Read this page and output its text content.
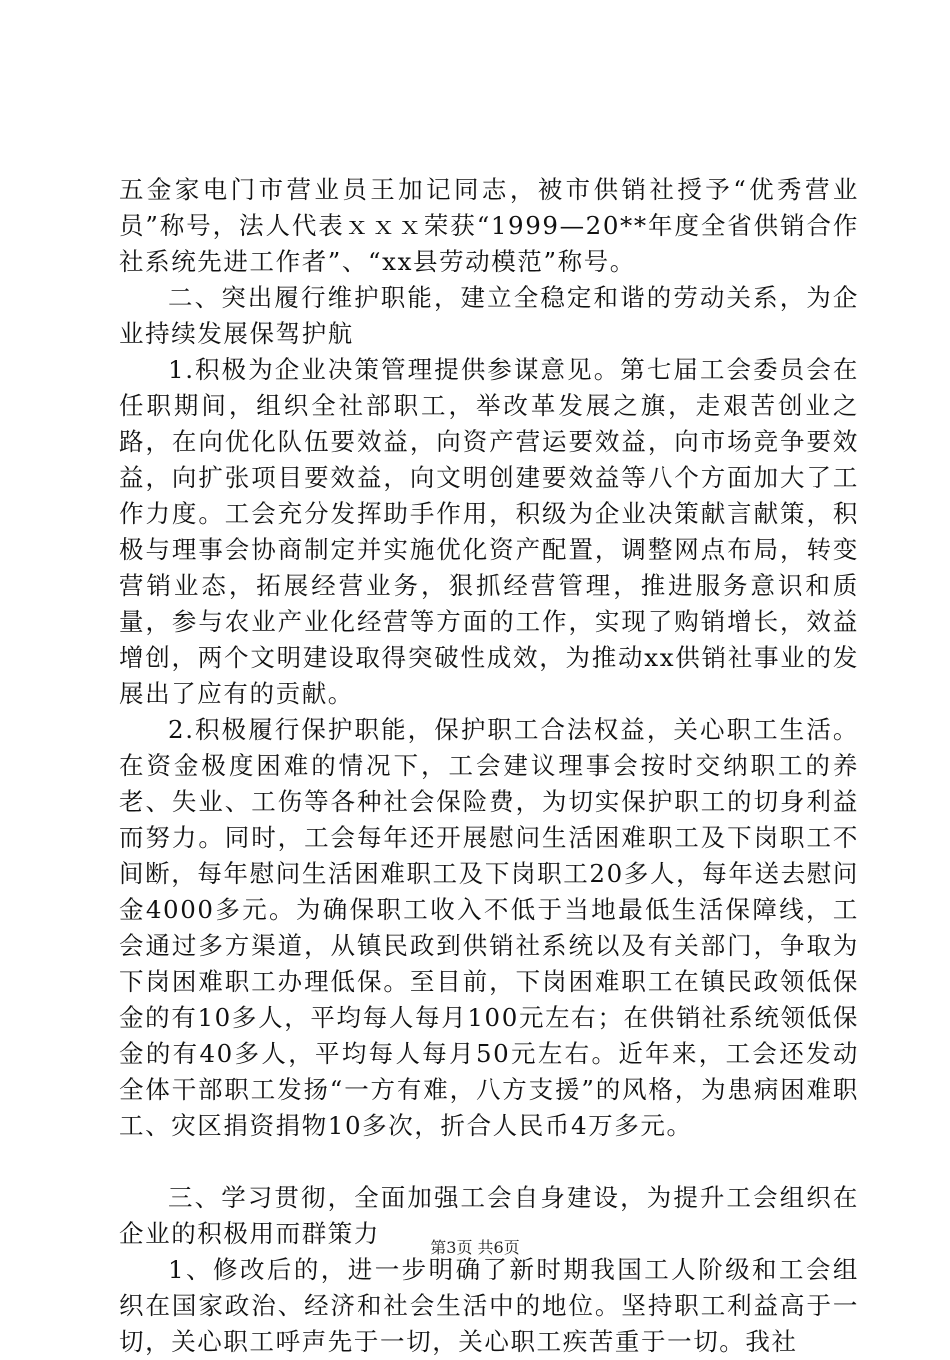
五金家电门市营业员王加记同志，被市供销社授予“优秀营业员”称号，法人代表ｘｘｘ荣获“1999—20**年度全省供销合作社系统先进工作者”、“xx县劳动模范”称号。

二、突出履行维护职能，建立全稳定和谐的劳动关系，为企业持续发展保驾护航

1.积极为企业决策管理提供参谋意见。第七届工会委员会在任职期间，组织全社部职工，举改革发展之旗，走艰苦创业之路，在向优化队伍要效益，向资产营运要效益，向市场竞争要效益，向扩张项目要效益，向文明创建要效益等八个方面加大了工作力度。工会充分发挥助手作用，积级为企业决策献言献策，积极与理事会协商制定并实施优化资产配置，调整网点布局，转变营销业态，拓展经营业务，狠抓经营管理，推进服务意识和质量，参与农业产业化经营等方面的工作，实现了购销增长，效益增创，两个文明建设取得突破性成效，为推动xx供销社事业的发展出了应有的贡献。

2.积极履行保护职能，保护职工合法权益，关心职工生活。在资金极度困难的情况下，工会建议理事会按时交纳职工的养老、失业、工伤等各种社会保险费，为切实保护职工的切身利益而努力。同时，工会每年还开展慰问生活困难职工及下岗职工不间断，每年慰问生活困难职工及下岗职工20多人，每年送去慰问金4000多元。为确保职工收入不低于当地最低生活保障线，工会通过多方渠道，从镇民政到供销社系统以及有关部门，争取为下岗困难职工办理低保。至目前，下岗困难职工在镇民政领低保金的有10多人，平均每人每月100元左右；在供销社系统领低保金的有40多人，平均每人每月50元左右。近年来，工会还发动全体干部职工发扬“一方有难，八方支援”的风格，为患病困难职工、灾区捐资捐物10多次，折合人民币4万多元。

三、学习贯彻，全面加强工会自身建设，为提升工会组织在企业的积极用而群策力

1、修改后的，进一步明确了新时期我国工人阶级和工会组织在国家政治、经济和社会生活中的地位。坚持职工利益高于一切，关心职工呼声先于一切，关心职工疾苦重于一切。我社

第3页 共6页
